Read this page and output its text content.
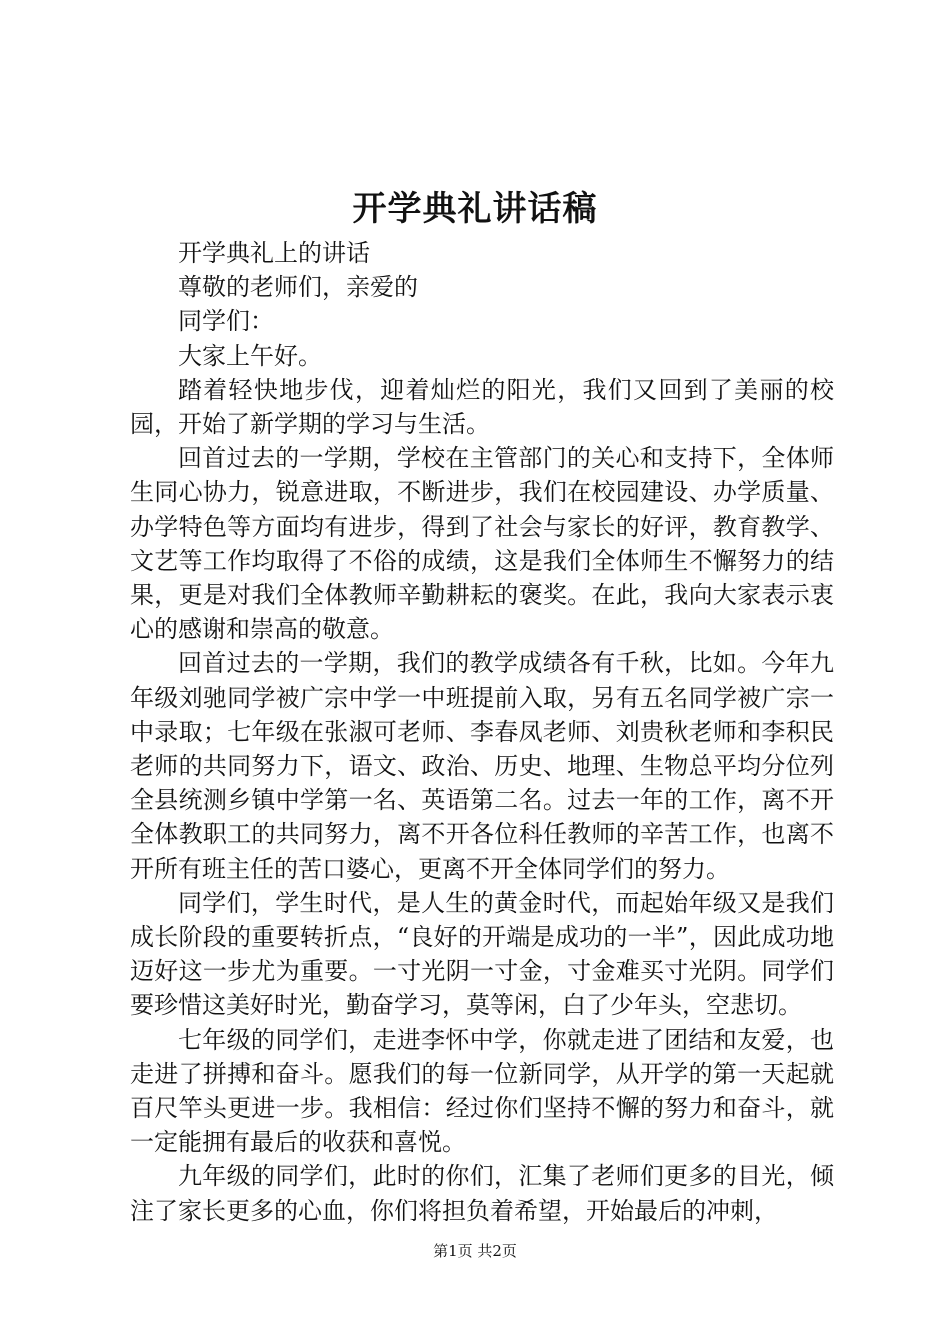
开学典礼讲话稿

开学典礼上的讲话

尊敬的老师们，亲爱的

同学们：

大家上午好。

踏着轻快地步伐，迎着灿烂的阳光，我们又回到了美丽的校园，开始了新学期的学习与生活。

回首过去的一学期，学校在主管部门的关心和支持下，全体师生同心协力，锐意进取，不断进步，我们在校园建设、办学质量、办学特色等方面均有进步，得到了社会与家长的好评，教育教学、文艺等工作均取得了不俗的成绩，这是我们全体师生不懈努力的结果，更是对我们全体教师辛勤耕耘的褒奖。在此，我向大家表示衷心的感谢和崇高的敬意。

回首过去的一学期，我们的教学成绩各有千秋，比如。今年九年级刘驰同学被广宗中学一中班提前入取，另有五名同学被广宗一中录取；七年级在张淑可老师、李春凤老师、刘贵秋老师和李积民老师的共同努力下，语文、政治、历史、地理、生物总平均分位列全县统测乡镇中学第一名、英语第二名。过去一年的工作，离不开全体教职工的共同努力，离不开各位科任教师的辛苦工作，也离不开所有班主任的苦口婆心，更离不开全体同学们的努力。

同学们，学生时代，是人生的黄金时代，而起始年级又是我们成长阶段的重要转折点，“良好的开端是成功的一半”，因此成功地迈好这一步尤为重要。一寸光阴一寸金，寸金难买寸光阴。同学们要珍惜这美好时光，勤奋学习，莫等闲，白了少年头，空悲切。

七年级的同学们，走进李怀中学，你就走进了团结和友爱，也走进了拼搏和奋斗。愿我们的每一位新同学，从开学的第一天起就百尺竿头更进一步。我相信：经过你们坚持不懈的努力和奋斗，就一定能拥有最后的收获和喜悦。

九年级的同学们，此时的你们，汇集了老师们更多的目光，倾注了家长更多的心血，你们将担负着希望，开始最后的冲刺，

第1页 共2页
